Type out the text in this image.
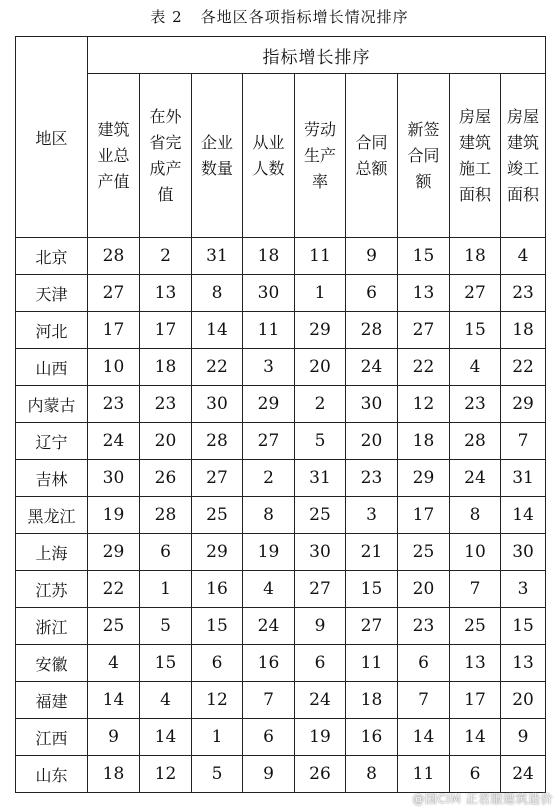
表 2 各地区各项指标增长情况排序
地区	指标增长排序								
	建筑业总产值	在外省完成产值	企业数量	从业人数	劳动生产率	合同总额	新签合同额	房屋建筑施工面积	房屋建筑竣工面积
北京	28	2	31	18	11	9	15	18	4
天津	27	13	8	30	1	6	13	27	23
河北	17	17	14	11	29	28	27	15	18
山西	10	18	22	3	20	24	22	4	22
内蒙古	23	23	30	29	2	30	12	23	29
辽宁	24	20	28	27	5	20	18	28	7
吉林	30	26	27	2	31	23	29	24	31
黑龙江	19	28	25	8	25	3	17	8	14
上海	29	6	29	19	30	21	25	10	30
江苏	22	1	16	4	27	15	20	7	3
浙江	25	5	15	24	9	27	23	25	15
安徽	4	15	6	16	6	11	6	13	13
福建	14	4	12	7	24	18	7	17	20
江西	9	14	1	6	19	16	14	14	9
山东	18	12	5	9	26	8	11	6	24
@国CIM 正君服建筑造价
